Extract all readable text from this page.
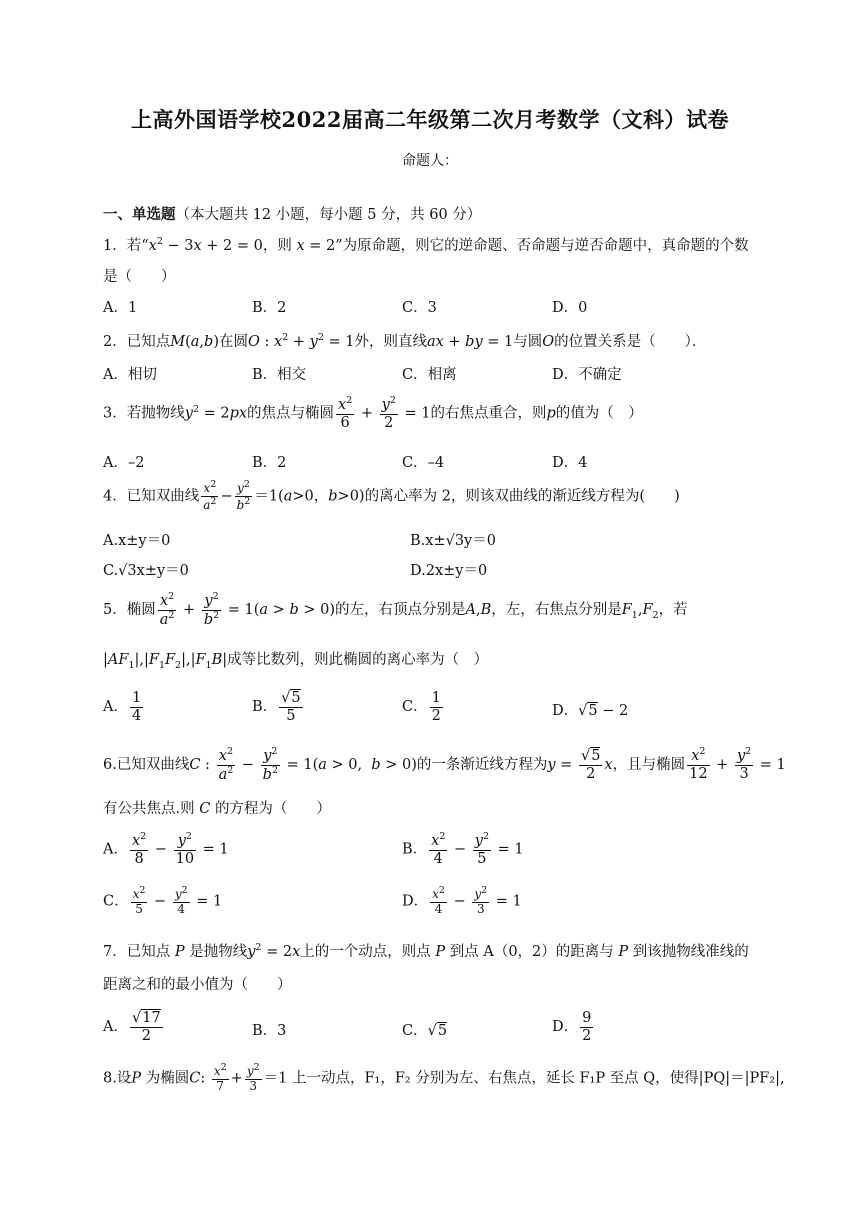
上高外国语学校2022届高二年级第二次月考数学（文科）试卷
命题人：
一、单选题（本大题共 12 小题，每小题 5 分，共 60 分）
1．若“$x^2 - 3x + 2 = 0$，则 x = 2”为原命题，则它的逆命题、否命题与逆否命题中，真命题的个数
是（　　）
A．1	B．2	C．3	D．0
2．已知点M(a,b)在圆O : $x^2 + y^2 = 1$外，则直线ax + by = 1与圆O的位置关系是（　　）．
A．相切	B．相交	C．相离	D．不确定
3．若抛物线$y^2 = 2px$的焦点与椭圆 $\frac{x^2}{6} + \frac{y^2}{2} = 1$的右焦点重合，则p的值为（　）
A．–2	B．2	C．–4	D．4
4．已知双曲线 $\frac{x^2}{a^2} - \frac{y^2}{b^2} =1(a>0$，b>0)的离心率为 2，则该双曲线的渐近线方程为(　　)
A.x±y＝0	B.x±√3y＝0
C.√3x±y＝0	D.2x±y＝0
5．椭圆 $\frac{x^2}{a^2} + \frac{y^2}{b^2} = 1(a > b > 0)$的左，右顶点分别是A,B，左，右焦点分别是$F_1,F_2$，若
$|AF_1|,|F_1F_2|,|F_1B|$成等比数列，则此椭圆的离心率为（　）
A． $\frac{1}{4}$	B． $\frac{√5}{5}$	C． $\frac{1}{2}$	D．√5 − 2
6.已知双曲线C : $\frac{x^2}{a^2} - \frac{y^2}{b^2} = 1(a > 0$,  b > 0)的一条渐近线方程为$y = \frac{√5}{2}$ x，且与椭圆 $\frac{x^2}{12} + \frac{y^2}{3} = 1$
有公共焦点.则 C 的方程为（　　）
A． $\frac{x^2}{8} - \frac{y^2}{10} = 1$	B． $\frac{x^2}{4} - \frac{y^2}{5} = 1$
C． $\frac{x^2}{5} - \frac{y^2}{4} = 1$	D． $\frac{x^2}{4} - \frac{y^2}{3} = 1$
7．已知点 P 是抛物线$y^2 = 2x$上的一个动点，则点 P 到点 A（0，2）的距离与 P 到该抛物线准线的
距离之和的最小值为（　　）
A． $\frac{√17}{2}$	B．3	C．√5	D． $\frac{9}{2}$
8.设P 为椭圆C: $\frac{x^2}{7} + \frac{y^2}{3} =1$ 上一动点，F₁，F₂ 分别为左、右焦点，延长 F₁P 至点 Q，使得|PQ|＝|PF₂|,
